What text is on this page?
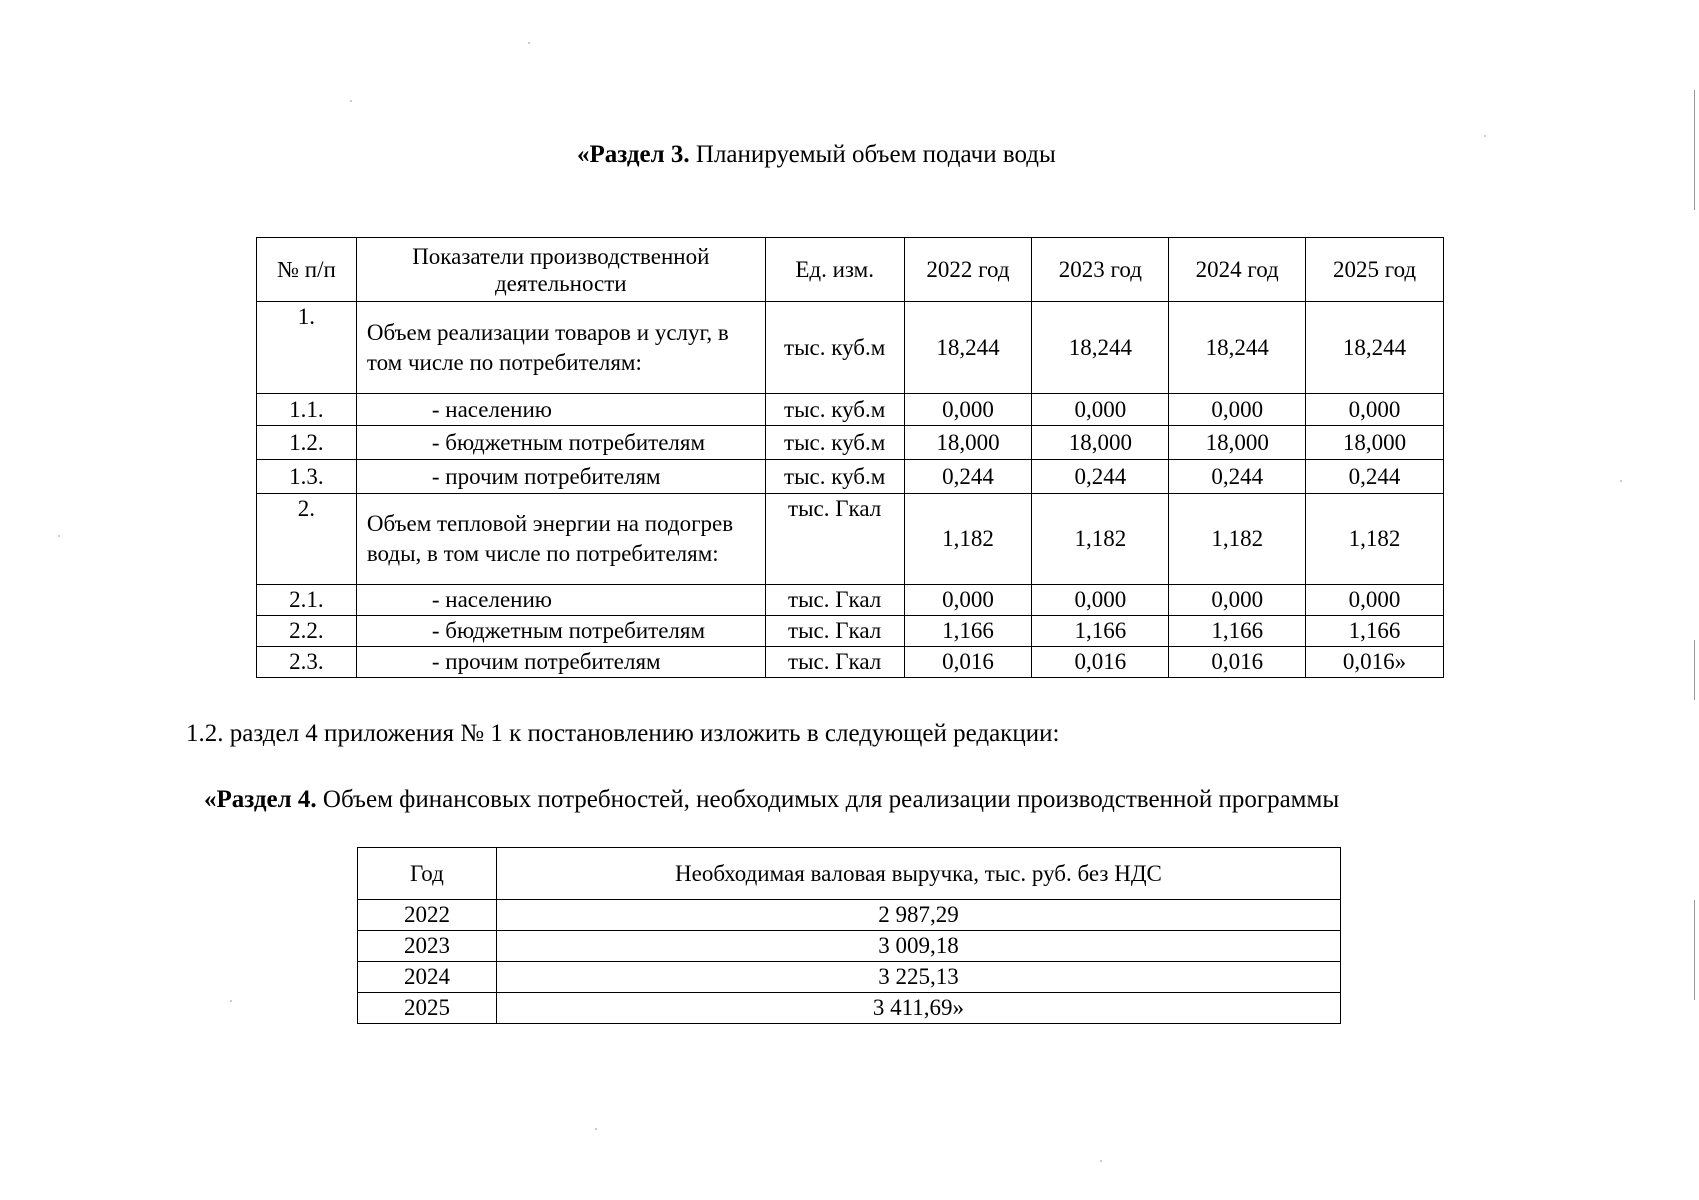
«Раздел 3. Планируемый объем подачи воды
№ п/п	Показатели производственной деятельности	Ед. изм.	2022 год	2023 год	2024 год	2025 год
1.	Объем реализации товаров и услуг, в том числе по потребителям:	тыс. куб.м	18,244	18,244	18,244	18,244
1.1.	- населению	тыс. куб.м	0,000	0,000	0,000	0,000
1.2.	- бюджетным потребителям	тыс. куб.м	18,000	18,000	18,000	18,000
1.3.	- прочим потребителям	тыс. куб.м	0,244	0,244	0,244	0,244
2.	Объем тепловой энергии на подогрев воды, в том числе по потребителям:	тыс. Гкал	1,182	1,182	1,182	1,182
2.1.	- населению	тыс. Гкал	0,000	0,000	0,000	0,000
2.2.	- бюджетным потребителям	тыс. Гкал	1,166	1,166	1,166	1,166
2.3.	- прочим потребителям	тыс. Гкал	0,016	0,016	0,016	0,016»
1.2. раздел 4 приложения № 1 к постановлению изложить в следующей редакции:
«Раздел 4. Объем финансовых потребностей, необходимых для реализации производственной программы
Год	Необходимая валовая выручка, тыс. руб. без НДС
2022	2 987,29
2023	3 009,18
2024	3 225,13
2025	3 411,69»
